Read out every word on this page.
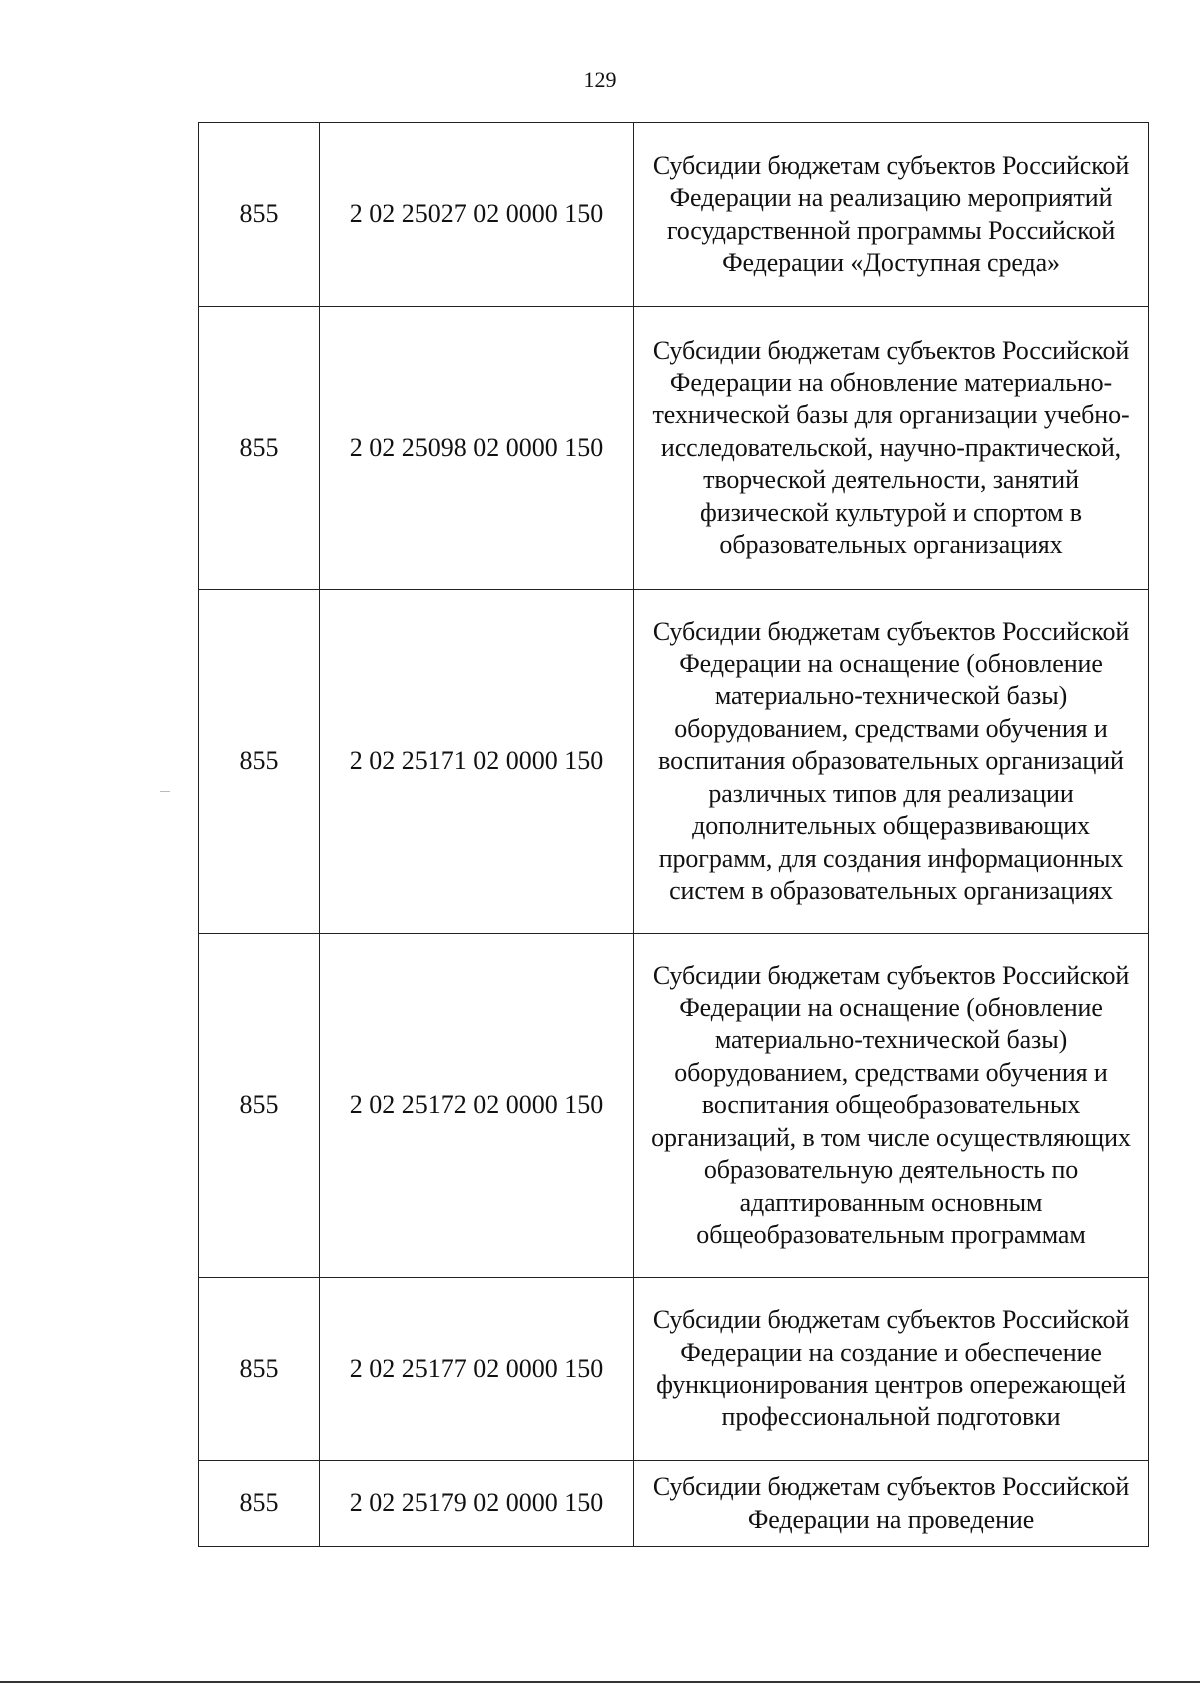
129
855	2 02 25027 02 0000 150	Субсидии бюджетам субъектов Российской Федерации на реализацию мероприятий государственной программы Российской Федерации «Доступная среда»
855	2 02 25098 02 0000 150	Субсидии бюджетам субъектов Российской Федерации на обновление материально-технической базы для организации учебно-исследовательской, научно-практической, творческой деятельности, занятий физической культурой и спортом в образовательных организациях
855	2 02 25171 02 0000 150	Субсидии бюджетам субъектов Российской Федерации на оснащение (обновление материально-технической базы) оборудованием, средствами обучения и воспитания образовательных организаций различных типов для реализации дополнительных общеразвивающих программ, для создания информационных систем в образовательных организациях
855	2 02 25172 02 0000 150	Субсидии бюджетам субъектов Российской Федерации на оснащение (обновление материально-технической базы) оборудованием, средствами обучения и воспитания общеобразовательных организаций, в том числе осуществляющих образовательную деятельность по адаптированным основным общеобразовательным программам
855	2 02 25177 02 0000 150	Субсидии бюджетам субъектов Российской Федерации на создание и обеспечение функционирования центров опережающей профессиональной подготовки
855	2 02 25179 02 0000 150	Субсидии бюджетам субъектов Российской Федерации на проведение
